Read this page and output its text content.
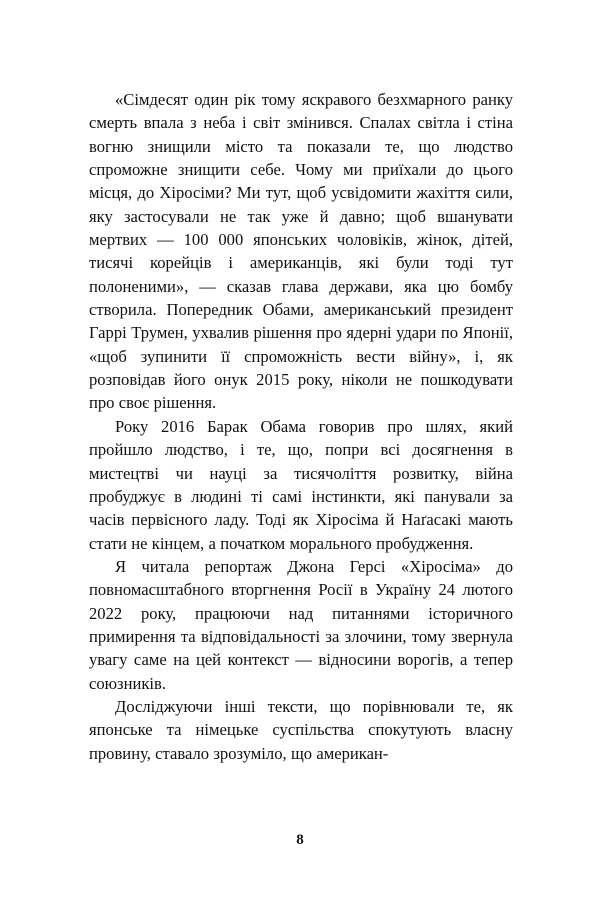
«Сімдесят один рік тому яскравого безхмарного ранку смерть впала з неба і світ змінився. Спалах світла і стіна вогню знищили місто та показали те, що людство спроможне знищити себе. Чому ми приїхали до цього місця, до Хіросіми? Ми тут, щоб усвідомити жахіття сили, яку застосували не так уже й давно; щоб вшанувати мертвих — 100 000 японських чоловіків, жінок, дітей, тисячі корейців і американців, які були тоді тут полоненими», — сказав глава держави, яка цю бомбу створила. Попередник Обами, американський президент Гаррі Трумен, ухвалив рішення про ядерні удари по Японії, «щоб зупинити її спроможність вести війну», і, як розповідав його онук 2015 року, ніколи не пошкодувати про своє рішення.

Року 2016 Барак Обама говорив про шлях, який пройшло людство, і те, що, попри всі досягнення в мистецтві чи науці за тисячоліття розвитку, війна пробуджує в людині ті самі інстинкти, які панували за часів первісного ладу. Тоді як Хіросіма й Наґасакі мають стати не кінцем, а початком морального пробудження.

Я читала репортаж Джона Герсі «Хіросіма» до повномасштабного вторгнення Росії в Україну 24 лютого 2022 року, працюючи над питаннями історичного примирення та відповідальності за злочини, тому звернула увагу саме на цей контекст — відносини ворогів, а тепер союзників.

Досліджуючи інші тексти, що порівнювали те, як японське та німецьке суспільства спокутують власну провину, ставало зрозуміло, що американ-

8
